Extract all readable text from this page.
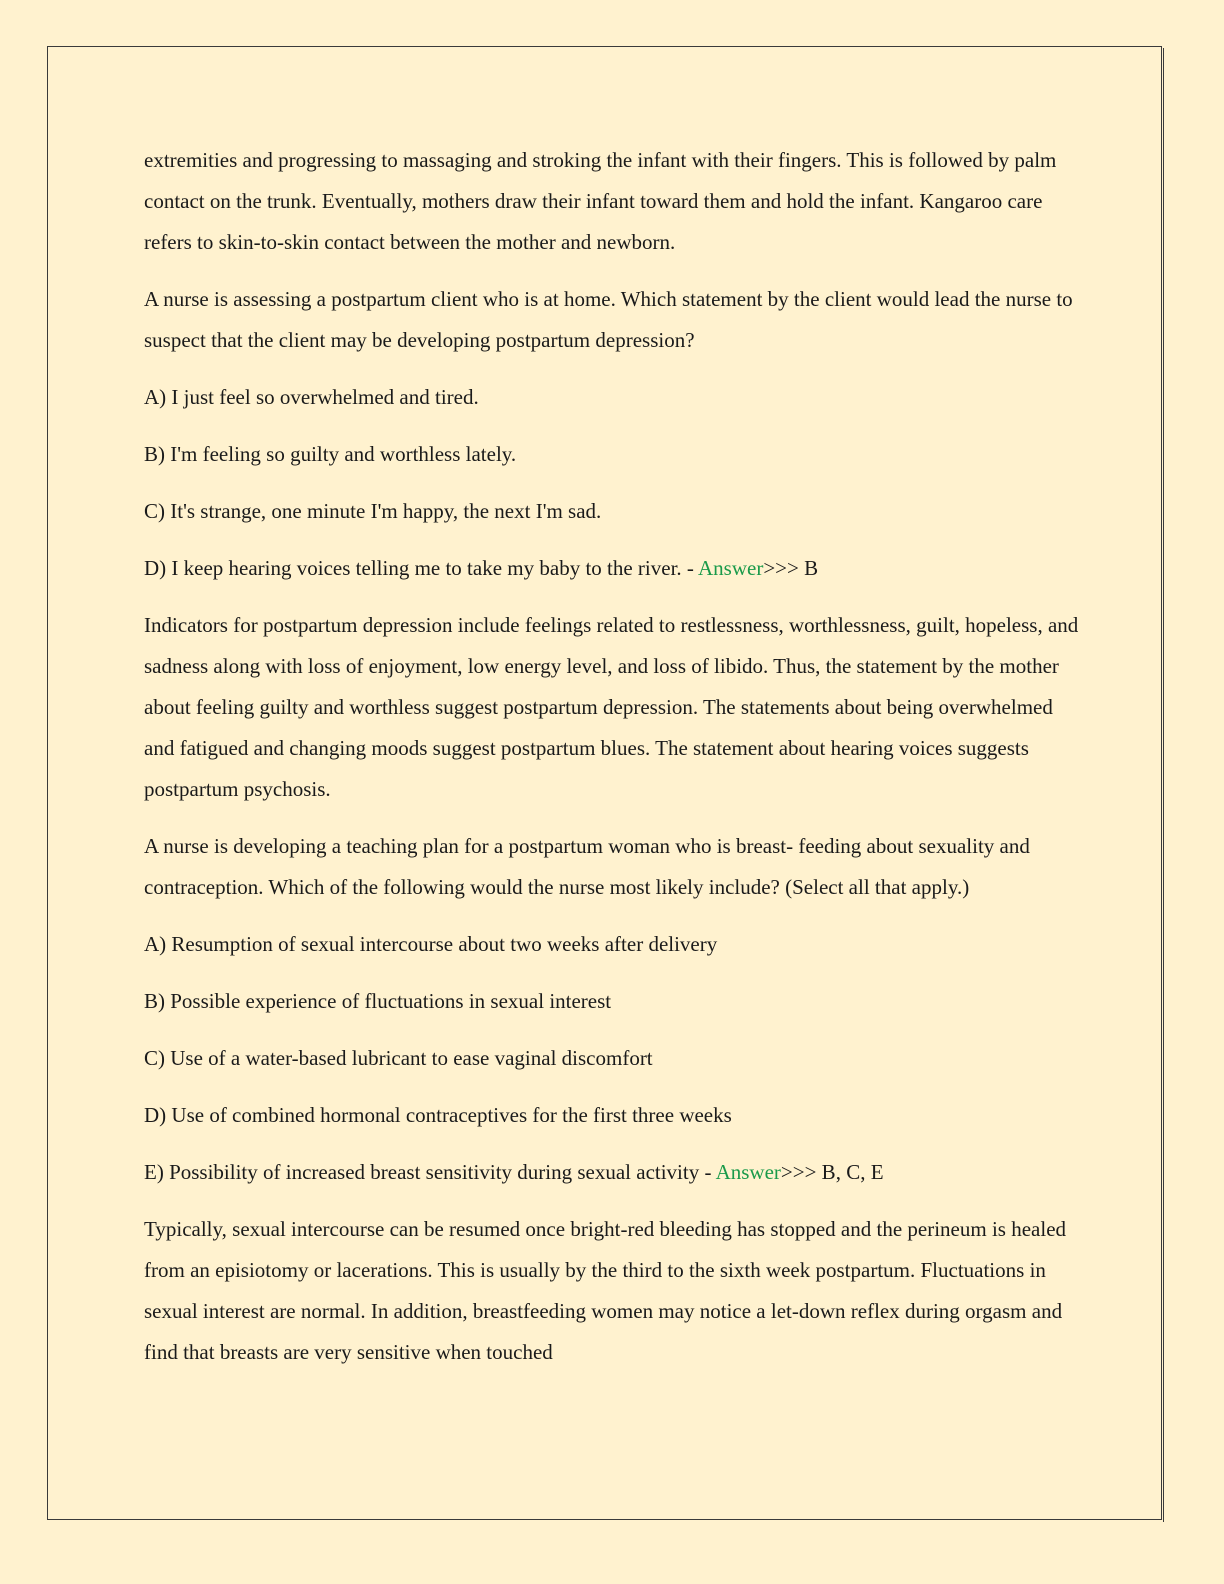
extremities and progressing to massaging and stroking the infant with their fingers. This is followed by palm contact on the trunk. Eventually, mothers draw their infant toward them and hold the infant. Kangaroo care refers to skin-to-skin contact between the mother and newborn.

A nurse is assessing a postpartum client who is at home. Which statement by the client would lead the nurse to suspect that the client may be developing postpartum depression?

A) I just feel so overwhelmed and tired.

B) I'm feeling so guilty and worthless lately.

C) It's strange, one minute I'm happy, the next I'm sad.

D) I keep hearing voices telling me to take my baby to the river. - Answer>>> B

Indicators for postpartum depression include feelings related to restlessness, worthlessness, guilt, hopeless, and sadness along with loss of enjoyment, low energy level, and loss of libido. Thus, the statement by the mother about feeling guilty and worthless suggest postpartum depression. The statements about being overwhelmed and fatigued and changing moods suggest postpartum blues. The statement about hearing voices suggests postpartum psychosis.

A nurse is developing a teaching plan for a postpartum woman who is breast- feeding about sexuality and contraception. Which of the following would the nurse most likely include? (Select all that apply.)

A) Resumption of sexual intercourse about two weeks after delivery

B) Possible experience of fluctuations in sexual interest

C) Use of a water-based lubricant to ease vaginal discomfort

D) Use of combined hormonal contraceptives for the first three weeks

E) Possibility of increased breast sensitivity during sexual activity - Answer>>> B, C, E

Typically, sexual intercourse can be resumed once bright-red bleeding has stopped and the perineum is healed from an episiotomy or lacerations. This is usually by the third to the sixth week postpartum. Fluctuations in sexual interest are normal. In addition, breastfeeding women may notice a let-down reflex during orgasm and find that breasts are very sensitive when touched
